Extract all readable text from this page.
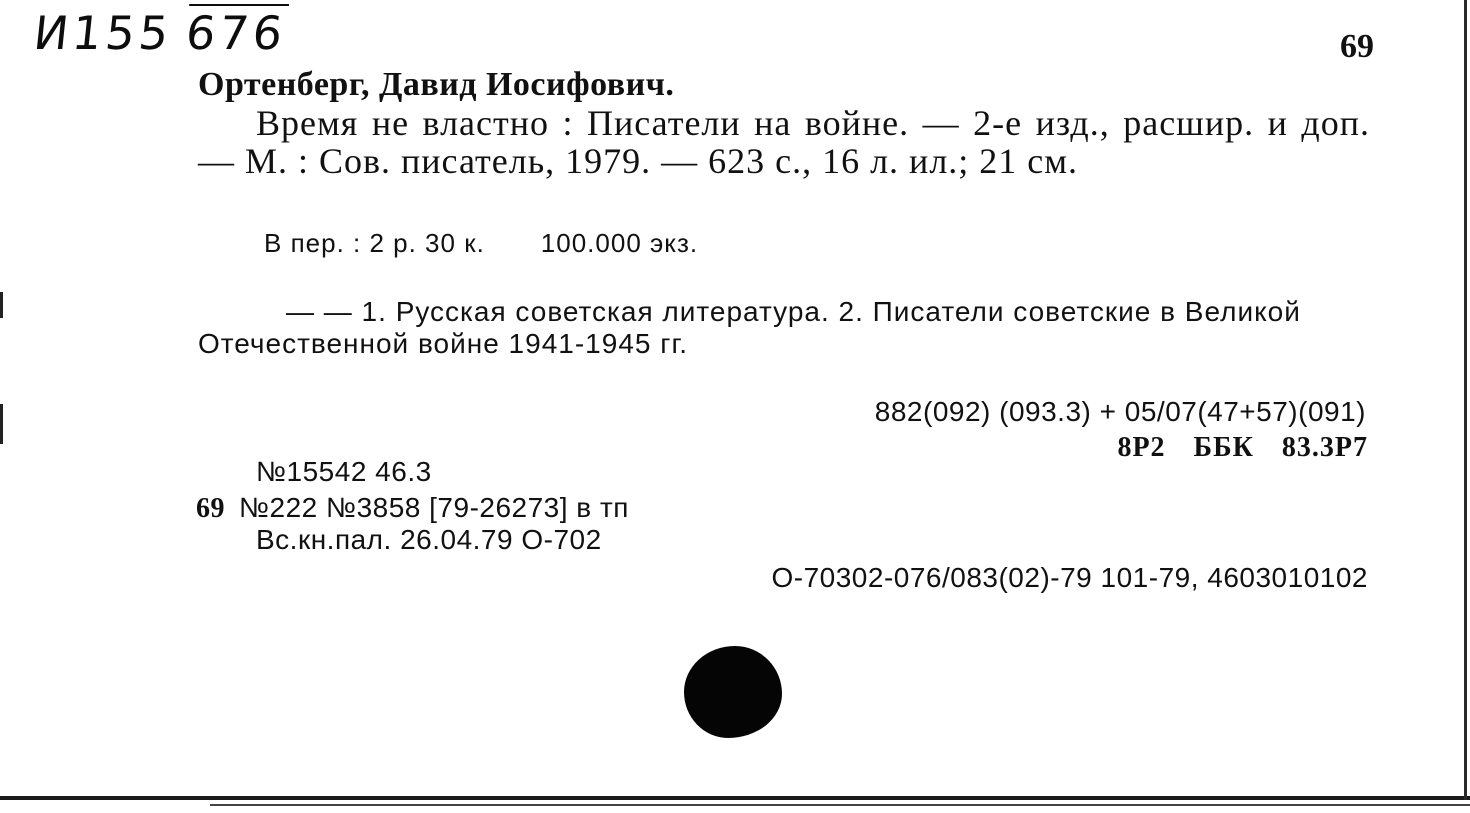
И155 676	69
Ортенберг, Давид Иосифович.
Время не властно : Писатели на войне. — 2-е изд., расшир. и доп. — М. : Сов. писатель, 1979. — 623 с., 16 л. ил.; 21 см.
В пер. : 2 р. 30 к. 100.000 экз.
— — 1. Русская советская литература. 2. Писатели советские в Великой Отечественной войне 1941-1945 гг.
882(092) (093.3) + 05/07(47+57)(091)
8Р2 ББК 83.3Р7
№15542 46.3
69 №222 №3858 [79-26273] в тп
Вс.кн.пал. 26.04.79 О-702
О-70302-076/083(02)-79 101-79, 4603010102
